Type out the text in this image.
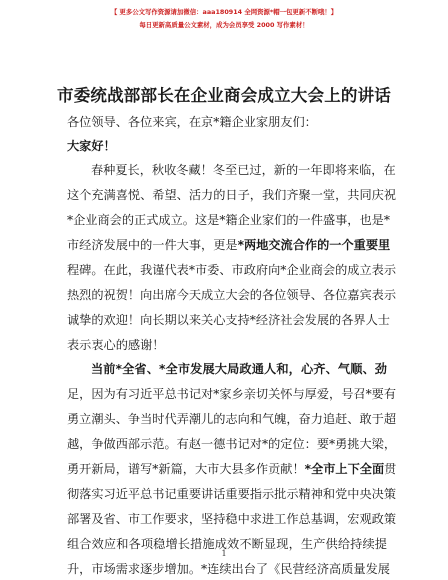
【 更多公文写作资源请加微信：aaa180914 全网资源*帽一包更新不断哦！】
每日更新高质量公文素材，成为会员享受 2000 写作素材！
市委统战部部长在企业商会成立大会上的讲话
各位领导、各位来宾，在京*籍企业家朋友们：
大家好！
春种夏长，秋收冬藏！冬至已过，新的一年即将来临，在
这个充满喜悦、希望、活力的日子，我们齐聚一堂，共同庆祝
*企业商会的正式成立。这是*籍企业家们的一件盛事，也是*
市经济发展中的一件大事，更是*两地交流合作的一个重要里
程碑。在此，我谨代表*市委、市政府向*企业商会的成立表示
热烈的祝贺！向出席今天成立大会的各位领导、各位嘉宾表示
诚挚的欢迎！向长期以来关心支持*经济社会发展的各界人士
表示衷心的感谢！
当前*全省、*全市发展大局政通人和，心齐、气顺、劲
足，因为有习近平总书记对*家乡亲切关怀与厚爱，号召*要有
勇立潮头、争当时代弄潮儿的志向和气魄，奋力追赶、敢于超
越，争做西部示范。有赵一德书记对*的定位：要*勇挑大梁，
勇开新局，谱写*新篇，大市大县多作贡献！*全市上下全面贯
彻落实习近平总书记重要讲话重要指示批示精神和党中央决策
部署及省、市工作要求，坚持稳中求进工作总基调，宏观政策
组合效应和各项稳增长措施成效不断显现，生产供给持续提
升，市场需求逐步增加。*连续出台了《民营经济高质量发展
1
